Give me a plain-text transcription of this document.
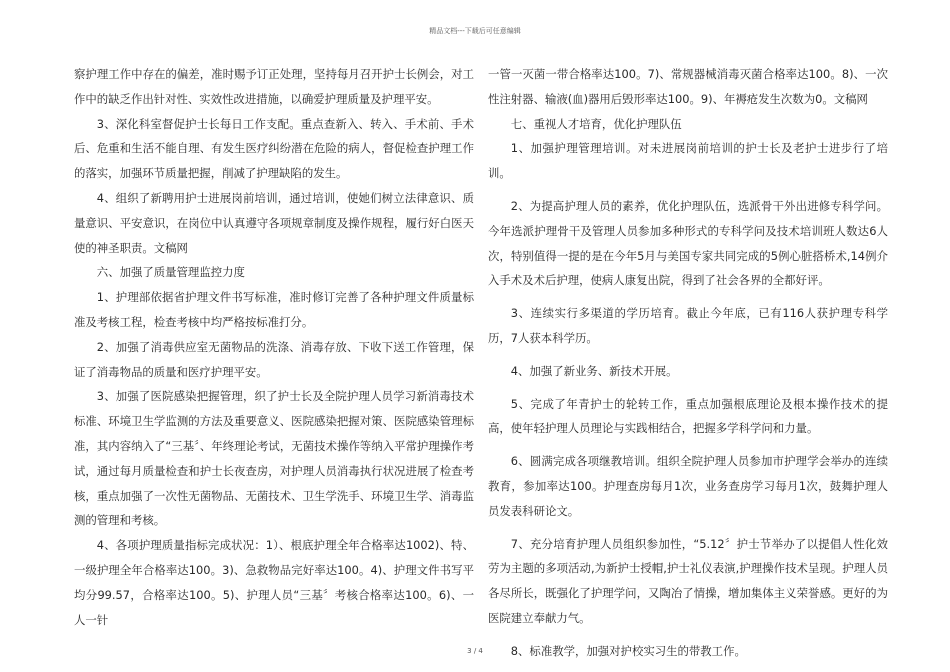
精品文档---下载后可任意编辑

察护理工作中存在的偏差，准时赐予订正处理，坚持每月召开护士长例会，对工作中的缺乏作出针对性、实效性改进措施，以确爱护理质量及护理平安。

3、深化科室督促护士长每日工作支配。重点查新入、转入、手术前、手术后、危重和生活不能自理、有发生医疗纠纷潜在危险的病人，督促检查护理工作的落实，加强环节质量把握，削减了护理缺陷的发生。

4、组织了新聘用护士进展岗前培训，通过培训，使她们树立法律意识、质量意识、平安意识，在岗位中认真遵守各项规章制度及操作规程，履行好白医天使的神圣职责。文稿网

六、加强了质量管理监控力度

1、护理部依据省护理文件书写标准，准时修订完善了各种护理文件质量标准及考核工程，检查考核中均严格按标准打分。

2、加强了消毒供应室无菌物品的洗涤、消毒存放、下收下送工作管理，保证了消毒物品的质量和医疗护理平安。

3、加强了医院感染把握管理，织了护士长及全院护理人员学习新消毒技术标准、环境卫生学监测的方法及重要意义、医院感染把握对策、医院感染管理标准，其内容纳入了“三基〞、年终理论考试，无菌技术操作等纳入平常护理操作考试，通过每月质量检查和护士长夜查房，对护理人员消毒执行状况进展了检查考核，重点加强了一次性无菌物品、无菌技术、卫生学洗手、环境卫生学、消毒监测的管理和考核。

4、各项护理质量指标完成状况：1）、根底护理全年合格率达1002)、特、一级护理全年合格率达100。3)、急救物品完好率达100。4)、护理文件书写平均分99.57，合格率达100。5)、护理人员“三基〞考核合格率达100。6)、一人一针

一管一灭菌一带合格率达100。7)、常规器械消毒灭菌合格率达100。8)、一次性注射器、输液(血)器用后毁形率达100。9)、年褥疮发生次数为0。文稿网

七、重视人才培育，优化护理队伍

1、加强护理管理培训。对未进展岗前培训的护士长及老护士进步行了培训。

2、为提高护理人员的素养，优化护理队伍，选派骨干外出进修专科学问。今年选派护理骨干及管理人员参加多种形式的专科学问及技术培训班人数达6人次，特别值得一提的是在今年5月与美国专家共同完成的5例心脏搭桥术,14例介入手术及术后护理，使病人康复出院，得到了社会各界的全都好评。

3、连续实行多渠道的学历培育。截止今年底，已有116人获护理专科学历，7人获本科学历。

4、加强了新业务、新技术开展。

5、完成了年青护士的轮转工作，重点加强根底理论及根本操作技术的提高，使年轻护理人员理论与实践相结合，把握多学科学问和力量。

6、圆满完成各项继教培训。组织全院护理人员参加市护理学会举办的连续教育，参加率达100。护理查房每月1次，业务查房学习每月1次，鼓舞护理人员发表科研论文。

7、充分培育护理人员组织参加性，“5.12〞护士节举办了以提倡人性化效劳为主题的多项活动,为新护士授帽,护士礼仪表演,护理操作技术呈现。护理人员各尽所长，既强化了护理学问，又陶冶了情操，增加集体主义荣誉感。更好的为医院建立奉献力气。

8、标准教学，加强对护校实习生的带教工作。

3 / 4
